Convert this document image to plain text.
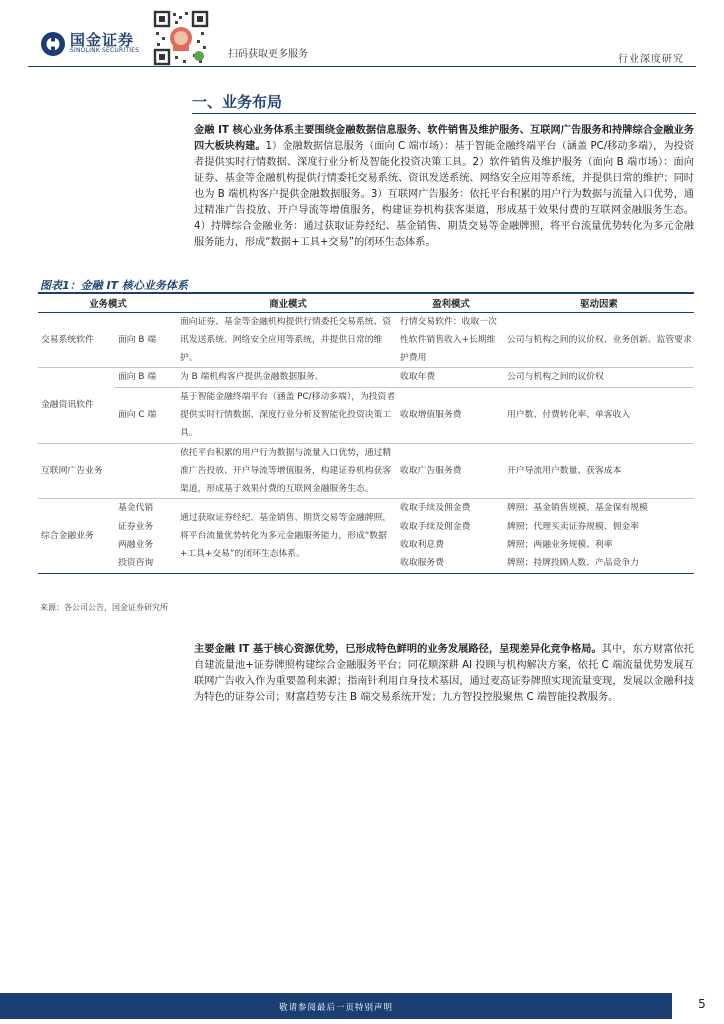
国金证券
SINOLINK SECURITIES	扫码获取更多服务	行业深度研究
一、业务布局
金融 IT 核心业务体系主要围绕金融数据信息服务、软件销售及维护服务、互联网广告服务和持牌综合金融业务四大板块构建。1）金融数据信息服务（面向 C 端市场）：基于智能金融终端平台（涵盖 PC/移动多端），为投资者提供实时行情数据、深度行业分析及智能化投资决策工具。2）软件销售及维护服务（面向 B 端市场）：面向证券、基金等金融机构提供行情委托交易系统、资讯发送系统、网络安全应用等系统，并提供日常的维护；同时也为 B 端机构客户提供金融数据服务。3）互联网广告服务：依托平台积累的用户行为数据与流量入口优势，通过精准广告投放、开户导流等增值服务，构建证券机构获客渠道，形成基于效果付费的互联网金融服务生态。4）持牌综合金融业务：通过获取证券经纪、基金销售、期货交易等金融牌照，将平台流量优势转化为多元金融服务能力，形成“数据+工具+交易”的闭环生态体系。
图表1：金融 IT 核心业务体系
业务模式		商业模式	盈利模式	驱动因素
交易系统软件	面向 B 端	面向证券、基金等金融机构提供行情委托交易系统、资讯发送系统、网络安全应用等系统，并提供日常的维护。	行情交易软件：收取一次性软件销售收入+长期维护费用	公司与机构之间的议价权、业务创新、监管要求
金融资讯软件	面向 B 端	为 B 端机构客户提供金融数据服务。	收取年费	公司与机构之间的议价权
	面向 C 端	基于智能金融终端平台（涵盖 PC/移动多端），为投资者提供实时行情数据、深度行业分析及智能化投资决策工具。	收取增值服务费	用户数、付费转化率、单客收入
互联网广告业务		依托平台积累的用户行为数据与流量入口优势，通过精准广告投放、开户导流等增值服务，构建证券机构获客渠道，形成基于效果付费的互联网金融服务生态。	收取广告服务费	开户导流用户数量、获客成本
综合金融业务	基金代销	通过获取证券经纪、基金销售、期货交易等金融牌照，将平台流量优势转化为多元金融服务能力，形成“数据+工具+交易”的闭环生态体系。	收取手续及佣金费	牌照；基金销售规模、基金保有规模
	证券业务		收取手续及佣金费	牌照；代理买卖证券规模、佣金率
	两融业务		收取利息费	牌照；两融业务规模、利率
	投资咨询		收取服务费	牌照；持牌投顾人数、产品竞争力
来源：各公司公告，国金证券研究所
主要金融 IT 基于核心资源优势，已形成特色鲜明的业务发展路径，呈现差异化竞争格局。其中，东方财富依托自建流量池+证券牌照构建综合金融服务平台；同花顺深耕 AI 投顾与机构解决方案，依托 C 端流量优势发展互联网广告收入作为重要盈利来源；指南针利用自身技术基因，通过麦高证券牌照实现流量变现，发展以金融科技为特色的证券公司；财富趋势专注 B 端交易系统开发；九方智投控股聚焦 C 端智能投教服务。
敬请参阅最后一页特别声明	5
